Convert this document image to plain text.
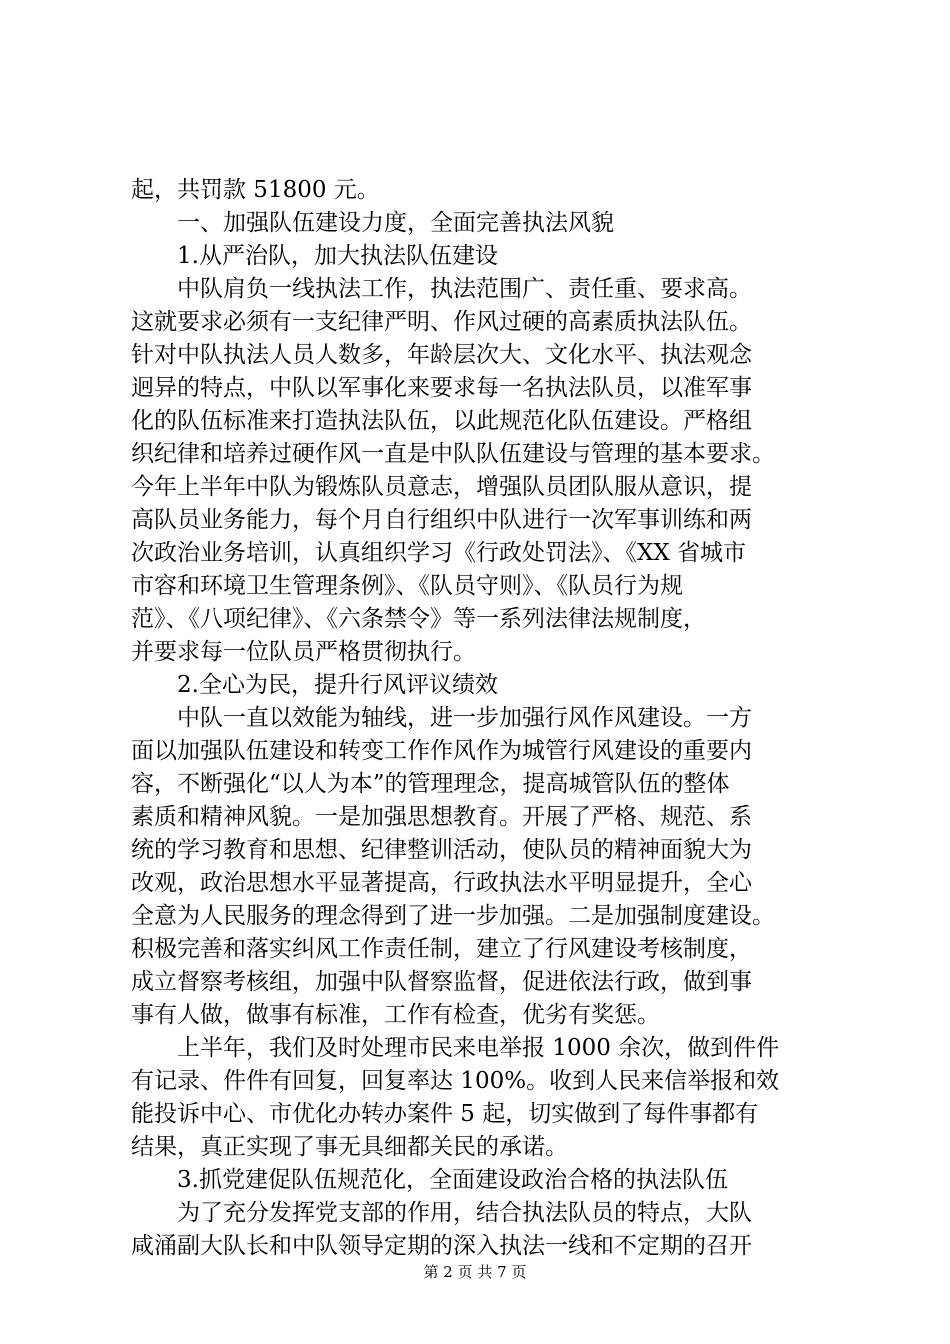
起，共罚款 51800 元。
一、加强队伍建设力度，全面完善执法风貌
1.从严治队，加大执法队伍建设
中队肩负一线执法工作，执法范围广、责任重、要求高。
这就要求必须有一支纪律严明、作风过硬的高素质执法队伍。
针对中队执法人员人数多，年龄层次大、文化水平、执法观念
迥异的特点，中队以军事化来要求每一名执法队员，以准军事
化的队伍标准来打造执法队伍，以此规范化队伍建设。严格组
织纪律和培养过硬作风一直是中队队伍建设与管理的基本要求。
今年上半年中队为锻炼队员意志，增强队员团队服从意识，提
高队员业务能力，每个月自行组织中队进行一次军事训练和两
次政治业务培训，认真组织学习《行政处罚法》、《XX 省城市
市容和环境卫生管理条例》、《队员守则》、《队员行为规
范》、《八项纪律》、《六条禁令》等一系列法律法规制度，
并要求每一位队员严格贯彻执行。
2.全心为民，提升行风评议绩效
中队一直以效能为轴线，进一步加强行风作风建设。一方
面以加强队伍建设和转变工作作风作为城管行风建设的重要内
容，不断强化“以人为本”的管理理念，提高城管队伍的整体
素质和精神风貌。一是加强思想教育。开展了严格、规范、系
统的学习教育和思想、纪律整训活动，使队员的精神面貌大为
改观，政治思想水平显著提高，行政执法水平明显提升，全心
全意为人民服务的理念得到了进一步加强。二是加强制度建设。
积极完善和落实纠风工作责任制，建立了行风建设考核制度，
成立督察考核组，加强中队督察监督，促进依法行政，做到事
事有人做，做事有标准，工作有检查，优劣有奖惩。
上半年，我们及时处理市民来电举报 1000 余次，做到件件
有记录、件件有回复，回复率达 100%。收到人民来信举报和效
能投诉中心、市优化办转办案件 5 起，切实做到了每件事都有
结果，真正实现了事无具细都关民的承诺。
3.抓党建促队伍规范化，全面建设政治合格的执法队伍
为了充分发挥党支部的作用，结合执法队员的特点，大队
咸涌副大队长和中队领导定期的深入执法一线和不定期的召开
第 2 页 共 7 页
